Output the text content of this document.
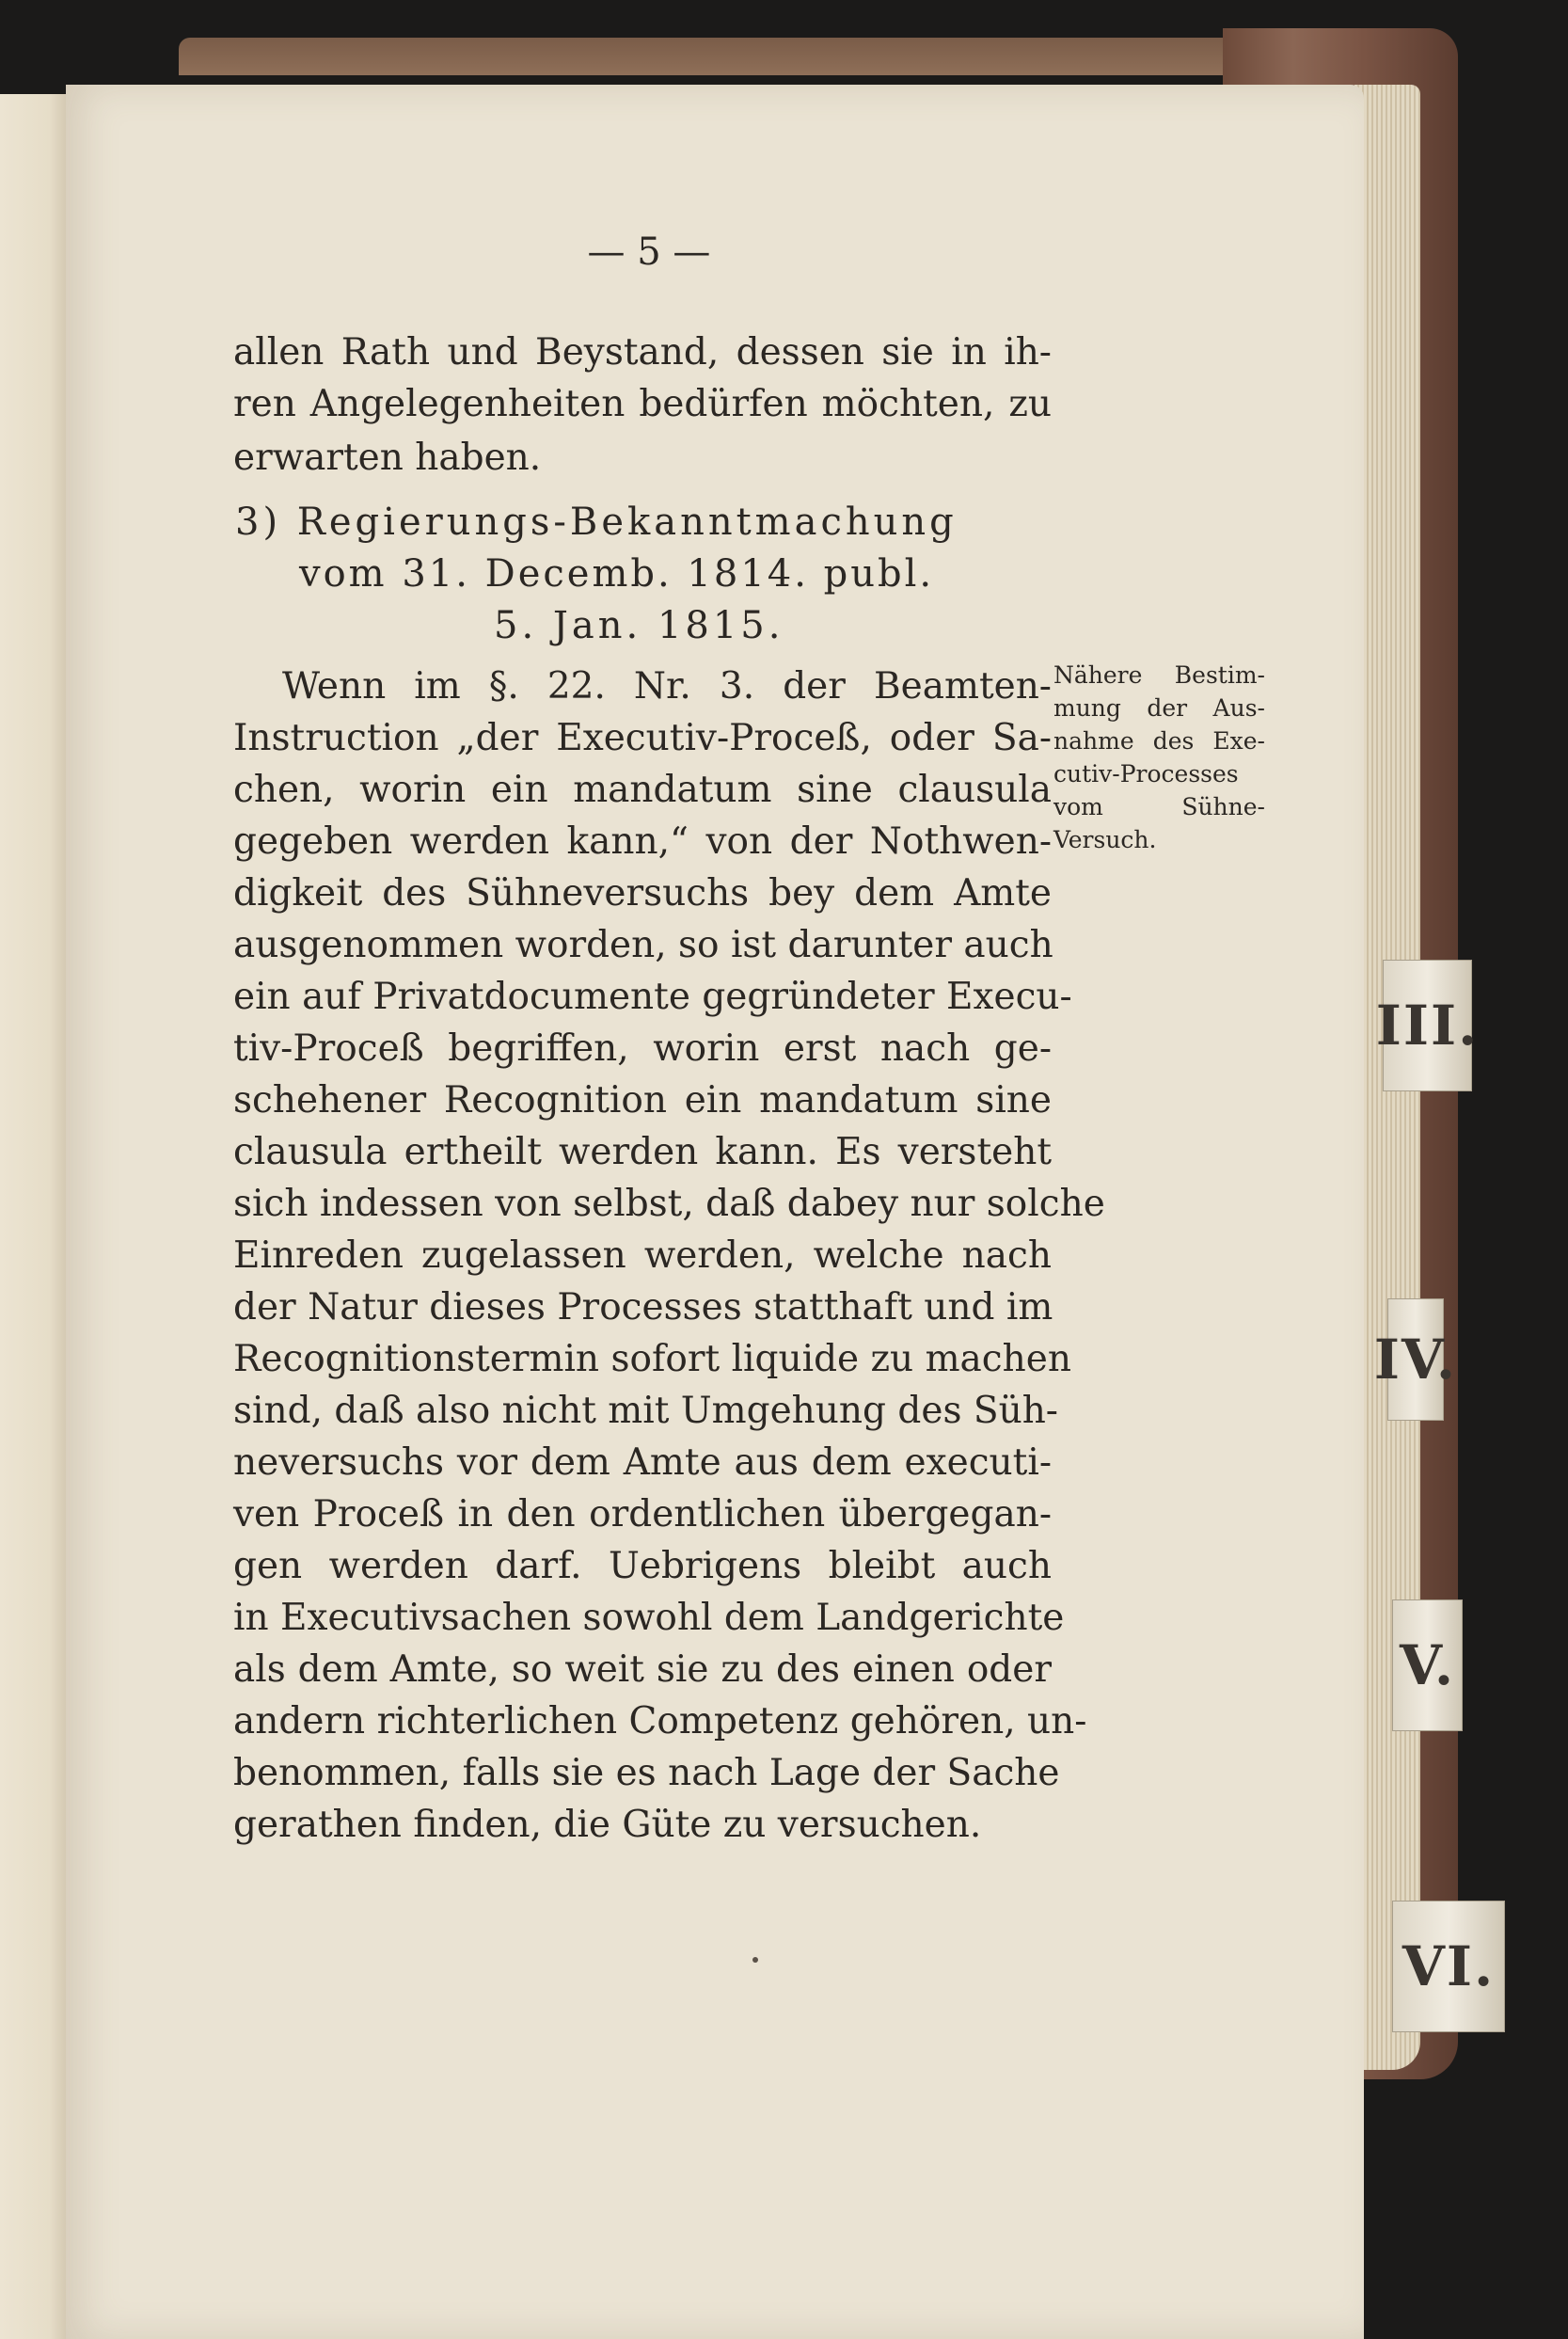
III.
IV.
V.
VI.
— 5 —
allen Rath und Beystand, dessen sie in ih-
ren Angelegenheiten bedürfen möchten, zu
erwarten haben.
3) Regierungs-Bekanntmachung
vom 31. Decemb. 1814. publ.
5. Jan. 1815.
Wenn im §. 22. Nr. 3. der Beamten-
Instruction „der Executiv-Proceß, oder Sa-
chen, worin ein mandatum sine clausula
gegeben werden kann,“ von der Nothwen-
digkeit des Sühneversuchs bey dem Amte
ausgenommen worden, so ist darunter auch
ein auf Privatdocumente gegründeter Execu-
tiv-Proceß begriffen, worin erst nach ge-
schehener Recognition ein mandatum sine
clausula ertheilt werden kann. Es versteht
sich indessen von selbst, daß dabey nur solche
Einreden zugelassen werden, welche nach
der Natur dieses Processes statthaft und im
Recognitionstermin sofort liquide zu machen
sind, daß also nicht mit Umgehung des Süh-
neversuchs vor dem Amte aus dem executi-
ven Proceß in den ordentlichen übergegan-
gen werden darf. Uebrigens bleibt auch
in Executivsachen sowohl dem Landgerichte
als dem Amte, so weit sie zu des einen oder
andern richterlichen Competenz gehören, un-
benommen, falls sie es nach Lage der Sache
gerathen finden, die Güte zu versuchen.
Nähere Bestim-
mung der Aus-
nahme des Exe-
cutiv-Processes
vom Sühne-
Versuch.
